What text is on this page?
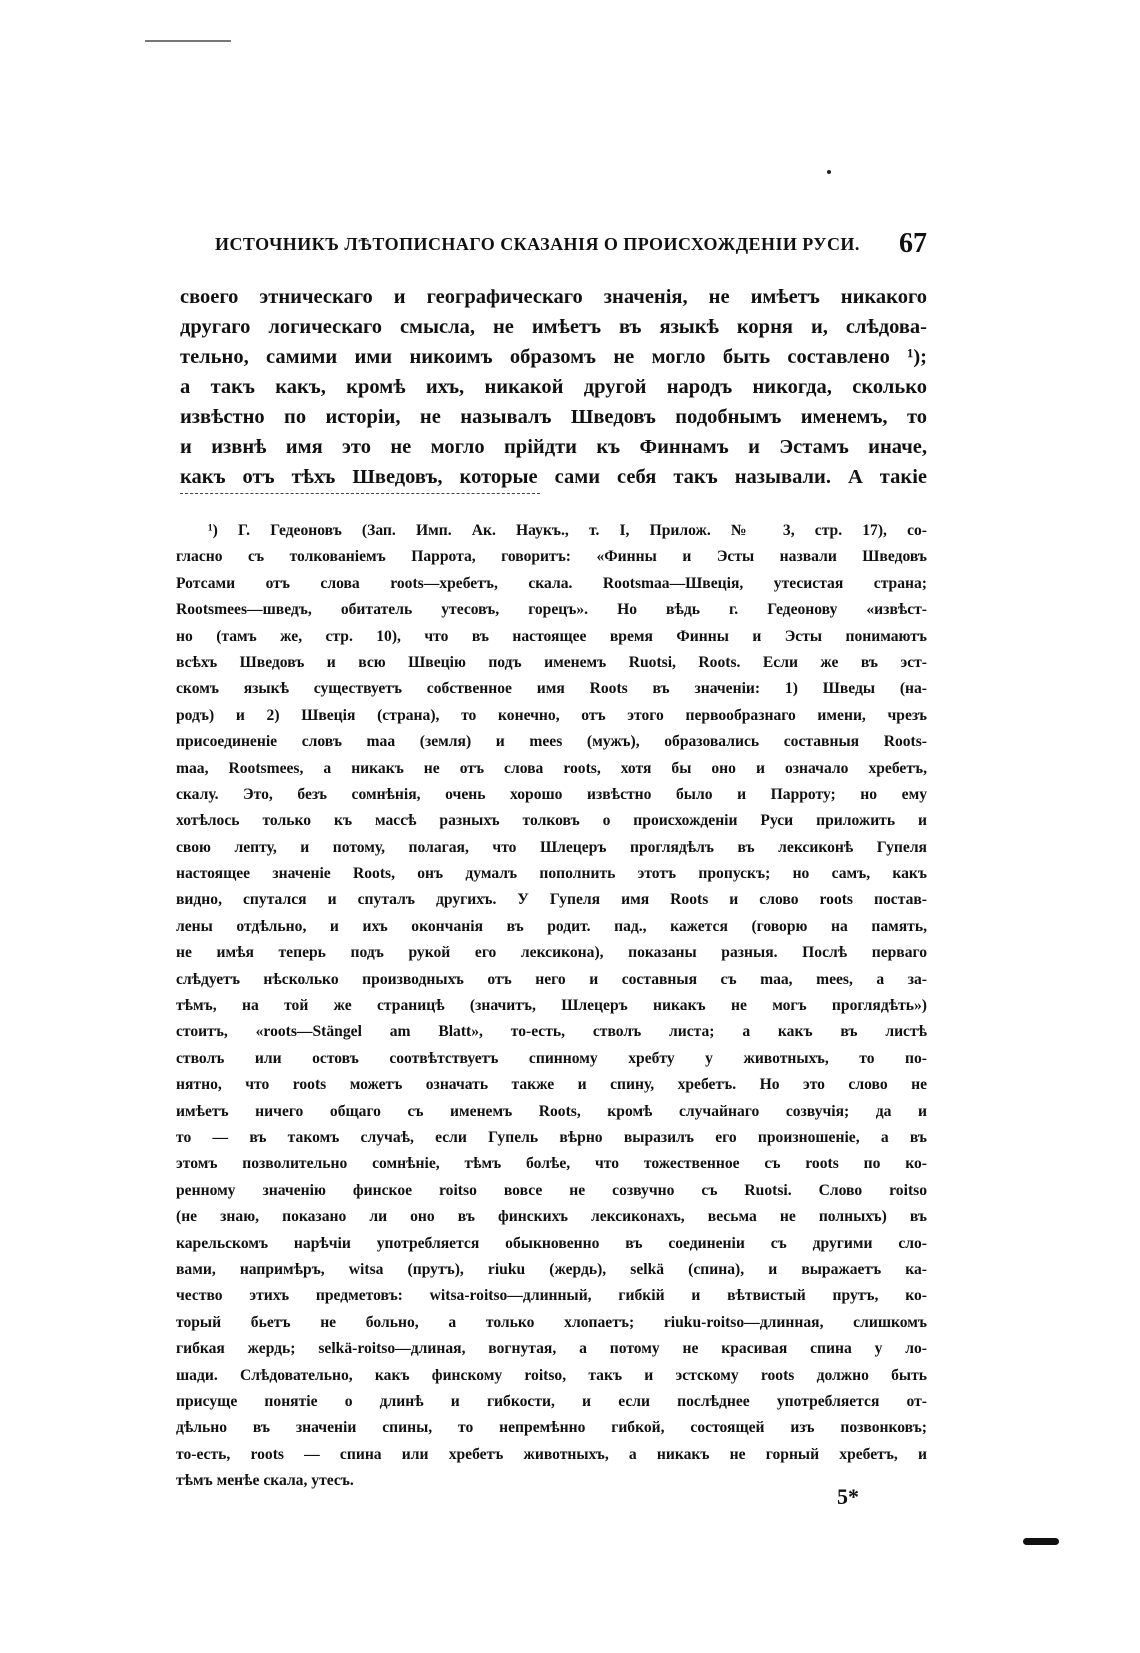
ИСТОЧНИКЪ ЛѢТОПИСНАГО СКАЗАНІЯ О ПРОИСХОЖДЕНІИ РУСИ. 67
своего этническаго и географическаго значенія, не имѣетъ никакого
другаго логическаго смысла, не имѣетъ въ языкѣ корня и, слѣдова-
тельно, самими ими никоимъ образомъ не могло быть составлено ¹);
а такъ какъ, кромѣ ихъ, никакой другой народъ никогда, сколько
извѣстно по исторіи, не называлъ Шведовъ подобнымъ именемъ, то
и извнѣ имя это не могло прійдти къ Финнамъ и Эстамъ иначе,
какъ отъ тѣхъ Шведовъ, которые сами себя такъ называли. А такіе
¹) Г. Гедеоновъ (Зап. Имп. Ак. Наукъ., т. I, Прилож. № 3, стр. 17), со-
гласно съ толкованіемъ Паррота, говоритъ: «Финны и Эсты назвали Шведовъ
Ротсами отъ слова roots—хребетъ, скала. Rootsmaa—Швеція, утесистая страна;
Rootsmees—шведъ, обитатель утесовъ, горецъ». Но вѣдь г. Гедеонову «извѣст-
но (тамъ же, стр. 10), что въ настоящее время Финны и Эсты понимаютъ
всѣхъ Шведовъ и всю Швецію подъ именемъ Ruotsi, Roots. Если же въ эст-
скомъ языкѣ существуетъ собственное имя Roots въ значеніи: 1) Шведы (на-
родъ) и 2) Швеція (страна), то конечно, отъ этого первообразнаго имени, чрезъ
присоединеніе словъ maa (земля) и mees (мужъ), образовались составныя Roots-
maa, Rootsmees, а никакъ не отъ слова roots, хотя бы оно и означало хребетъ,
скалу. Это, безъ сомнѣнія, очень хорошо извѣстно было и Парроту; но ему
хотѣлось только къ массѣ разныхъ толковъ о происхожденіи Руси приложить и
свою лепту, и потому, полагая, что Шлецеръ проглядѣлъ въ лексиконѣ Гупеля
настоящее значеніе Roots, онъ думалъ пополнить этотъ пропускъ; но самъ, какъ
видно, спутался и спуталъ другихъ. У Гупеля имя Roots и слово roots постав-
лены отдѣльно, и ихъ окончанія въ родит. пад., кажется (говорю на память,
не имѣя теперь подъ рукой его лексикона), показаны разныя. Послѣ перваго
слѣдуетъ нѣсколько производныхъ отъ него и составныя съ maa, mees, а за-
тѣмъ, на той же страницѣ (значитъ, Шлецеръ никакъ не могъ проглядѣть»)
стоитъ, «roots—Stängel am Blatt», то-есть, стволъ листа; а какъ въ листѣ
стволъ или остовъ соотвѣтствуетъ спинному хребту у животныхъ, то по-
нятно, что roots можетъ означать также и спину, хребетъ. Но это слово не
имѣетъ ничего общаго съ именемъ Roots, кромѣ случайнаго созвучія; да и
то — въ такомъ случаѣ, если Гупель вѣрно выразилъ его произношеніе, а въ
этомъ позволительно сомнѣніе, тѣмъ болѣе, что тожественное съ roots по ко-
ренному значенію финское roitso вовсе не созвучно съ Ruotsi. Слово roitso
(не знаю, показано ли оно въ финскихъ лексиконахъ, весьма не полныхъ) въ
карельскомъ нарѣчіи употребляется обыкновенно въ соединеніи съ другими сло-
вами, напримѣръ, witsa (прутъ), riuku (жердь), selkä (спина), и выражаетъ ка-
чество этихъ предметовъ: witsa-roitso—длинный, гибкій и вѣтвистый прутъ, ко-
торый бьетъ не больно, а только хлопаетъ; riuku-roitso—длинная, слишкомъ
гибкая жердь; selkä-roitso—длиная, вогнутая, а потому не красивая спина у ло-
шади. Слѣдовательно, какъ финскому roitso, такъ и эстскому roots должно быть
присуще понятіе о длинѣ и гибкости, и если послѣднее употребляется от-
дѣльно въ значеніи спины, то непремѣнно гибкой, состоящей изъ позвонковъ;
то-есть, roots — спина или хребетъ животныхъ, а никакъ не горный хребетъ, и
тѣмъ менѣе скала, утесъ.
5*
